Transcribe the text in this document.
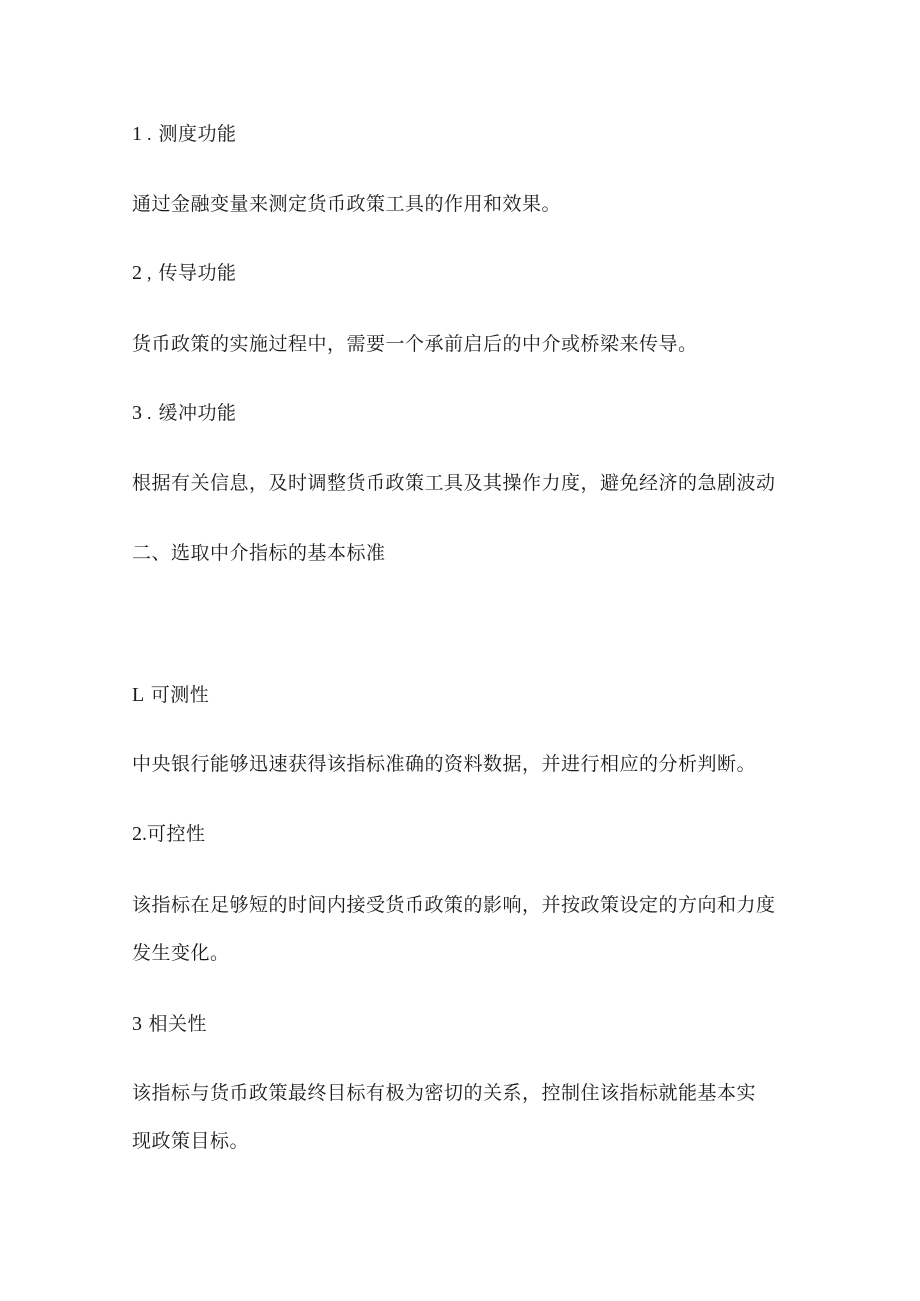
1 . 测度功能
通过金融变量来测定货币政策工具的作用和效果。
2 , 传导功能
货币政策的实施过程中，需要一个承前启后的中介或桥梁来传导。
3 . 缓冲功能
根据有关信息，及时调整货币政策工具及其操作力度，避免经济的急剧波动
二、选取中介指标的基本标准
L 可测性
中央银行能够迅速获得该指标准确的资料数据，并进行相应的分析判断。
2.可控性
该指标在足够短的时间内接受货币政策的影响，并按政策设定的方向和力度
发生变化。
3 相关性
该指标与货币政策最终目标有极为密切的关系，控制住该指标就能基本实
现政策目标。
